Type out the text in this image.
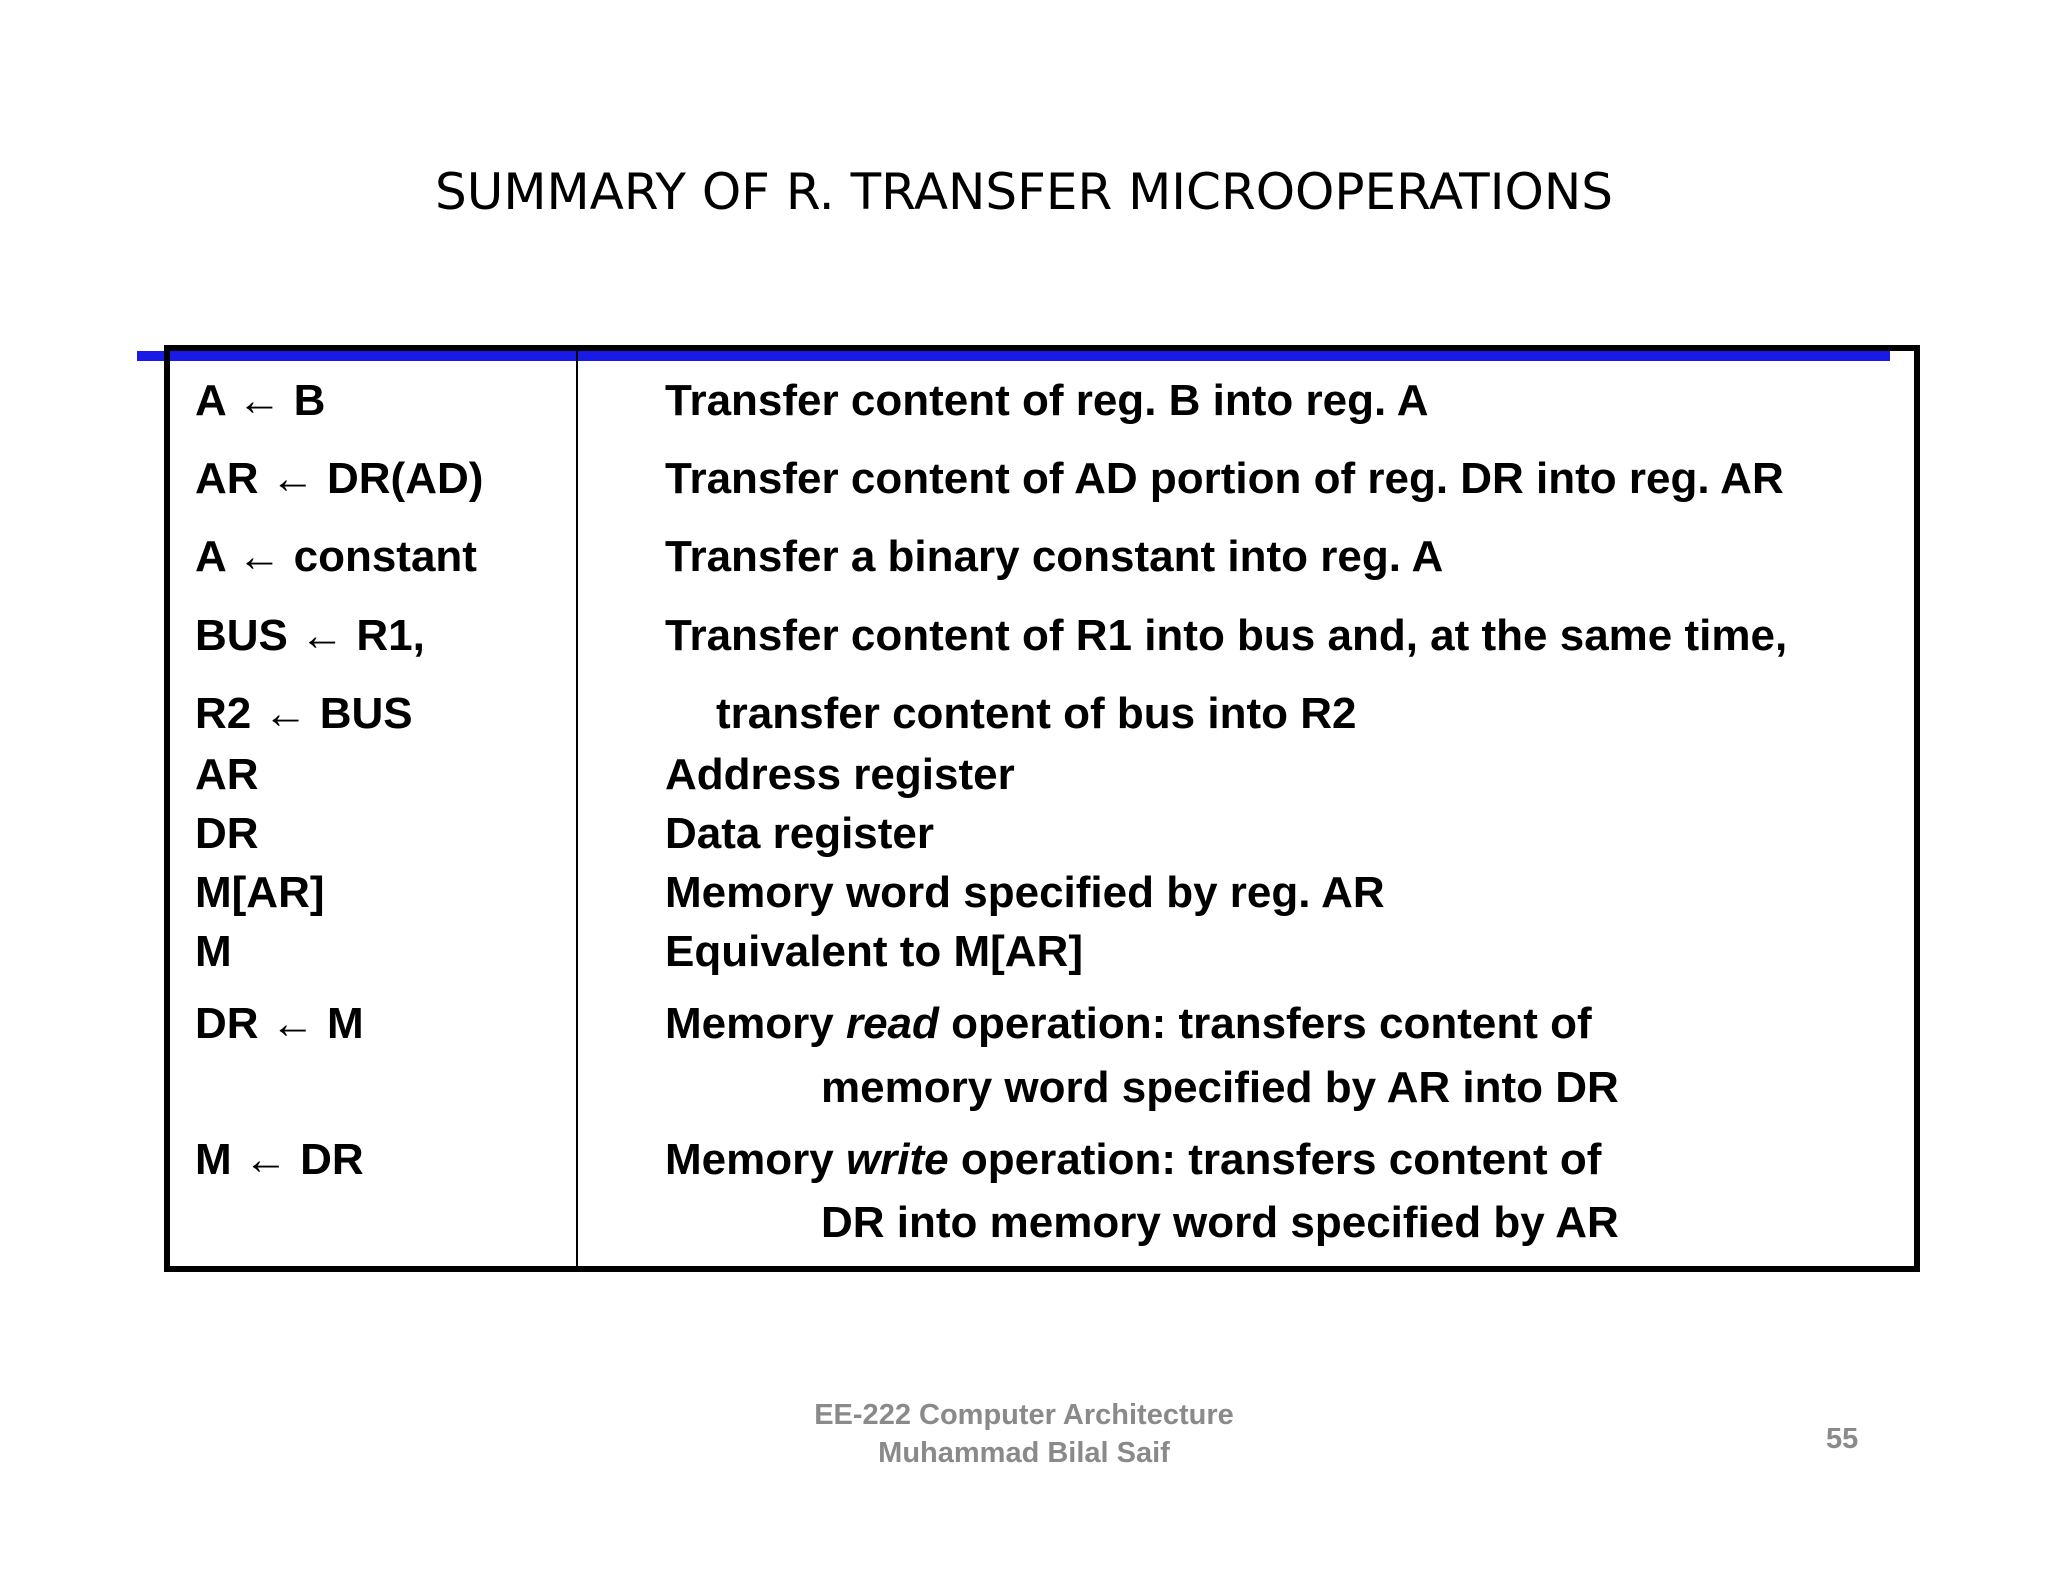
SUMMARY OF R. TRANSFER MICROOPERATIONS
A ← B	Transfer content of reg. B into reg. A
AR ← DR(AD)	Transfer content of AD portion of reg. DR into reg. AR
A ← constant	Transfer a binary constant into reg. A
BUS ← R1,	Transfer content of R1 into bus and, at the same time,
R2 ← BUS	transfer content of bus into R2
AR	Address register
DR	Data register
M[AR]	Memory word specified by reg. AR
M	Equivalent to M[AR]
DR ← M	Memory read operation: transfers content of
memory word specified by AR into DR
M ← DR	Memory write operation: transfers content of
DR into memory word specified by AR
EE-222 Computer Architecture
Muhammad Bilal Saif	55
